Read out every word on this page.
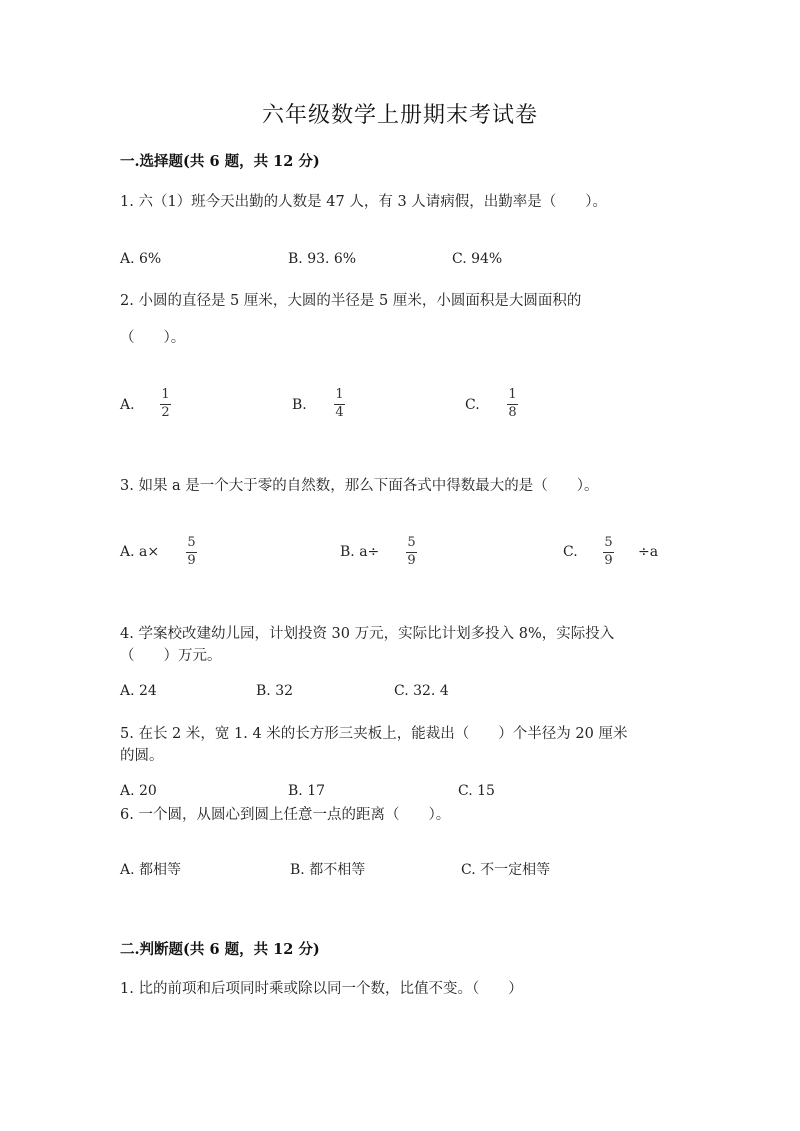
六年级数学上册期末考试卷
一.选择题(共 6 题，共 12 分)
1. 六（1）班今天出勤的人数是 47 人，有 3 人请病假，出勤率是（　　）。
A. 6%	B. 93. 6%	C. 94%
2. 小圆的直径是 5 厘米，大圆的半径是 5 厘米，小圆面积是大圆面积的
（　　）。
A.
1
2	B.
1
4	C.
1
8
3. 如果 a 是一个大于零的自然数，那么下面各式中得数最大的是（　　）。
A. a×
5
9
B. a÷
5
9
C.
5
9
÷a
4. 学案校改建幼儿园，计划投资 30 万元，实际比计划多投入 8%，实际投入
（　　）万元。
A. 24	B. 32	C. 32. 4
5. 在长 2 米，宽 1. 4 米的长方形三夹板上，能裁出（　　）个半径为 20 厘米
的圆。
A. 20	B. 17	C. 15
6. 一个圆，从圆心到圆上任意一点的距离（　　）。
A. 都相等	B. 都不相等	C. 不一定相等
二.判断题(共 6 题，共 12 分)
1. 比的前项和后项同时乘或除以同一个数，比值不变。（　　）
